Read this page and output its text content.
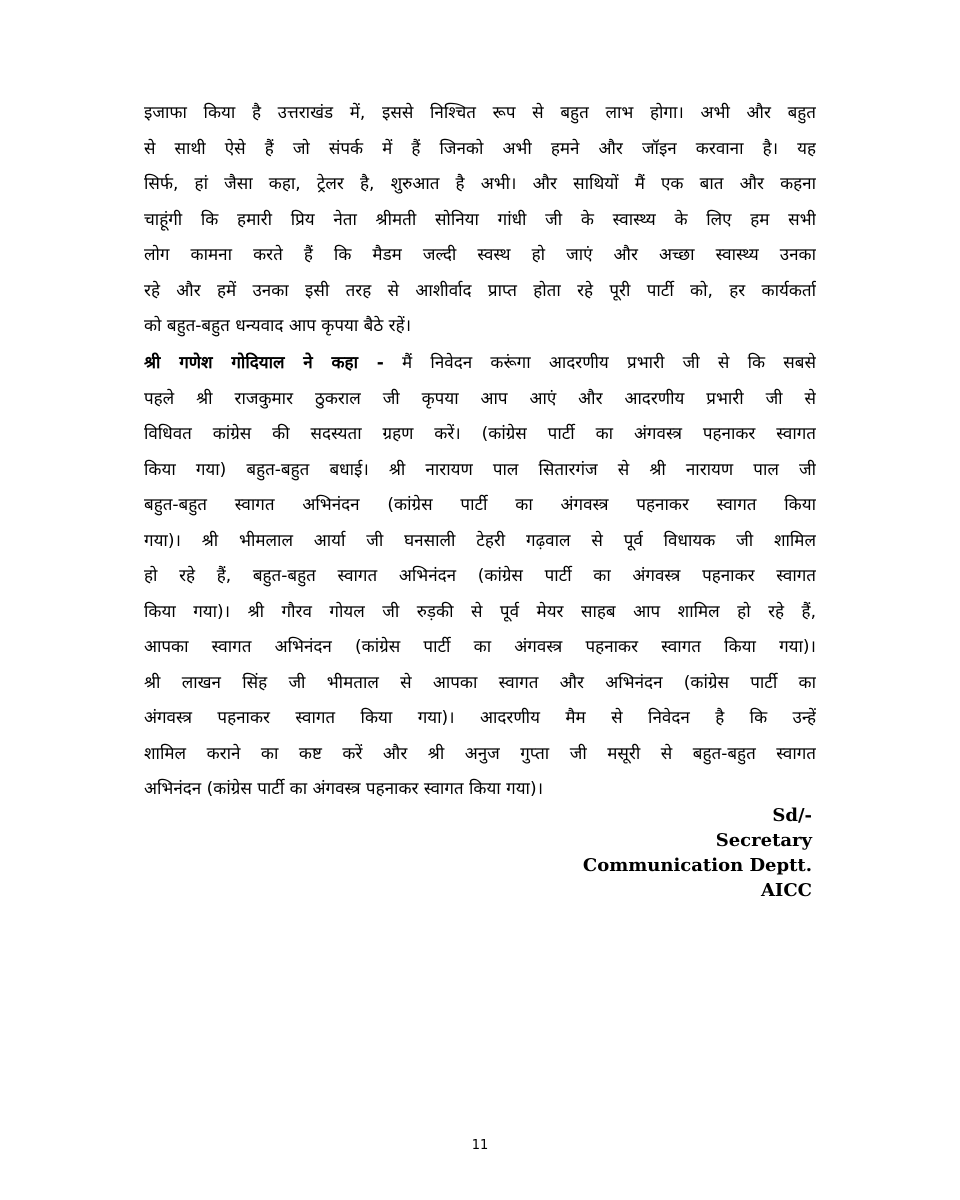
इजाफा किया है उत्तराखंड में, इससे निश्चित रूप से बहुत लाभ होगा। अभी और बहुत
से साथी ऐसे हैं जो संपर्क में हैं जिनको अभी हमने और जॉइन करवाना है। यह
सिर्फ, हां जैसा कहा, ट्रेलर है, शुरुआत है अभी। और साथियों मैं एक बात और कहना
चाहूंगी कि हमारी प्रिय नेता श्रीमती सोनिया गांधी जी के स्वास्थ्य के लिए हम सभी
लोग कामना करते हैं कि मैडम जल्दी स्वस्थ हो जाएं और अच्छा स्वास्थ्य उनका
रहे और हमें उनका इसी तरह से आशीर्वाद प्राप्त होता रहे पूरी पार्टी को, हर कार्यकर्ता
को बहुत-बहुत धन्यवाद आप कृपया बैठे रहें।
श्री गणेश गोदियाल ने कहा - मैं निवेदन करूंगा आदरणीय प्रभारी जी से कि सबसे
पहले श्री राजकुमार ठुकराल जी कृपया आप आएं और आदरणीय प्रभारी जी से
विधिवत कांग्रेस की सदस्यता ग्रहण करें। (कांग्रेस पार्टी का अंगवस्त्र पहनाकर स्वागत
किया गया) बहुत-बहुत बधाई। श्री नारायण पाल सितारगंज से श्री नारायण पाल जी
बहुत-बहुत स्वागत अभिनंदन (कांग्रेस पार्टी का अंगवस्त्र पहनाकर स्वागत किया
गया)। श्री भीमलाल आर्या जी घनसाली टेहरी गढ़वाल से पूर्व विधायक जी शामिल
हो रहे हैं, बहुत-बहुत स्वागत अभिनंदन (कांग्रेस पार्टी का अंगवस्त्र पहनाकर स्वागत
किया गया)। श्री गौरव गोयल जी रुड़की से पूर्व मेयर साहब आप शामिल हो रहे हैं,
आपका स्वागत अभिनंदन (कांग्रेस पार्टी का अंगवस्त्र पहनाकर स्वागत किया गया)।
श्री लाखन सिंह जी भीमताल से आपका स्वागत और अभिनंदन (कांग्रेस पार्टी का
अंगवस्त्र पहनाकर स्वागत किया गया)। आदरणीय मैम से निवेदन है कि उन्हें
शामिल कराने का कष्ट करें और श्री अनुज गुप्ता जी मसूरी से बहुत-बहुत स्वागत
अभिनंदन (कांग्रेस पार्टी का अंगवस्त्र पहनाकर स्वागत किया गया)।
Sd/-
Secretary
Communication Deptt.
AICC
11
